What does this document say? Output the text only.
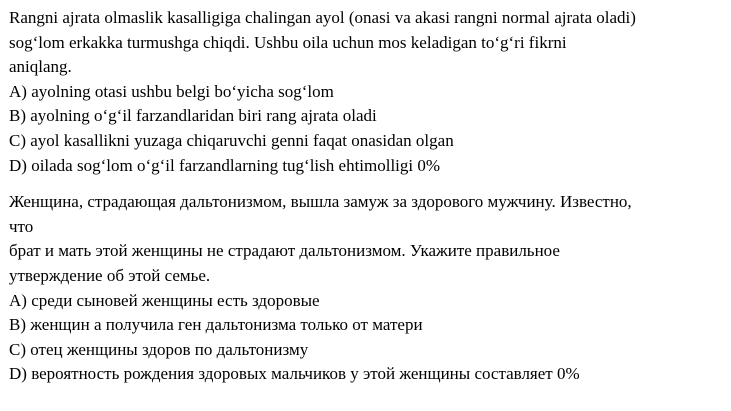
Rangni ajrata olmaslik kasalligiga chalingan ayol (onasi va akasi rangni normal ajrata oladi)
sog‘lom erkakka turmushga chiqdi. Ushbu oila uchun mos keladigan to‘g‘ri fikrni
aniqlang.
A) ayolning otasi ushbu belgi bo‘yicha sog‘lom
B) ayolning o‘g‘il farzandlaridan biri rang ajrata oladi
C) ayol kasallikni yuzaga chiqaruvchi genni faqat onasidan olgan
D) oilada sog‘lom o‘g‘il farzandlarning tug‘lish ehtimolligi 0%
Женщина, страдающая дальтонизмом, вышла замуж за здорового мужчину. Известно,
что
брат и мать этой женщины не страдают дальтонизмом. Укажите правильное
утверждение об этой семье.
A) среди сыновей женщины есть здоровые
B) женщин а получила ген дальтонизма только от матери
C) отец женщины здоров по дальтонизму
D) вероятность рождения здоровых мальчиков у этой женщины составляет 0%
